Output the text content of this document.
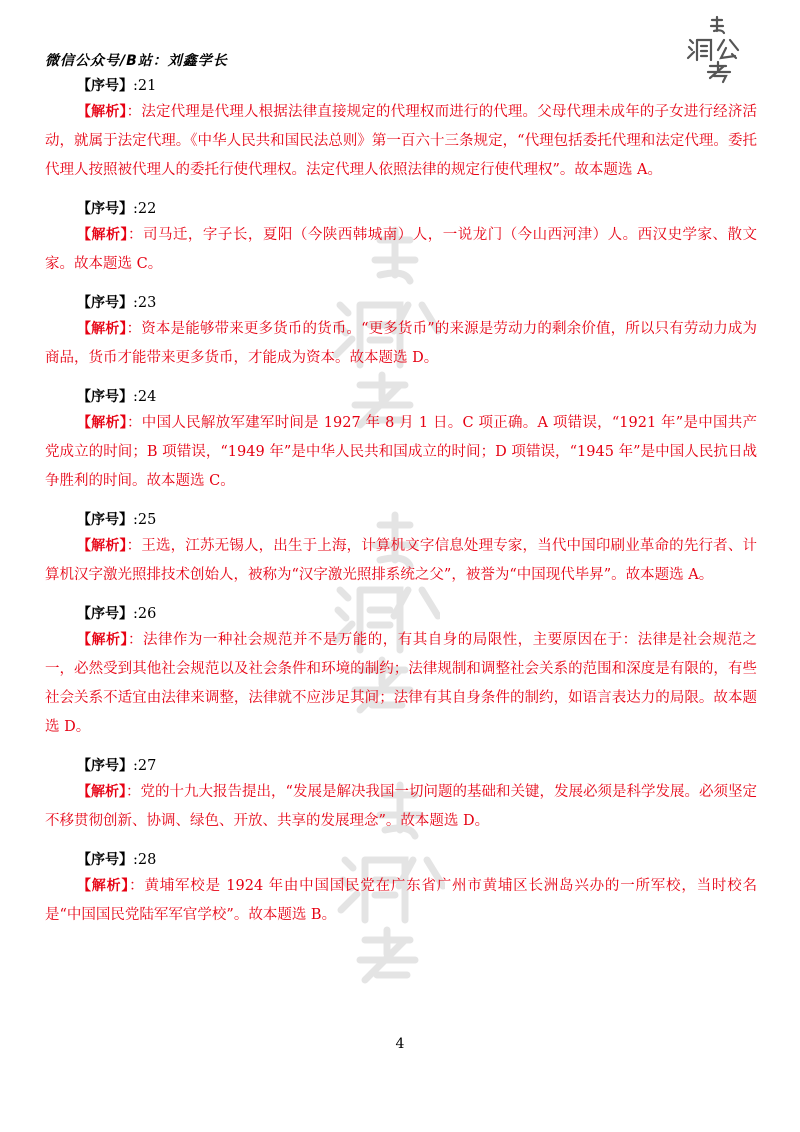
微信公众号/B站：刘鑫学长
【序号】:21

【解析】：法定代理是代理人根据法律直接规定的代理权而进行的代理。父母代理未成年的子女进行经济活动，就属于法定代理。《中华人民共和国民法总则》第一百六十三条规定，“代理包括委托代理和法定代理。委托代理人按照被代理人的委托行使代理权。法定代理人依照法律的规定行使代理权”。故本题选 A。

【序号】:22

【解析】：司马迁，字子长，夏阳（今陕西韩城南）人，一说龙门（今山西河津）人。西汉史学家、散文家。故本题选 C。

【序号】:23

【解析】：资本是能够带来更多货币的货币。“更多货币”的来源是劳动力的剩余价值，所以只有劳动力成为商品，货币才能带来更多货币，才能成为资本。故本题选 D。

【序号】:24

【解析】：中国人民解放军建军时间是 1927 年 8 月 1 日。C 项正确。A 项错误，“1921 年”是中国共产党成立的时间；B 项错误，“1949 年”是中华人民共和国成立的时间；D 项错误，“1945 年”是中国人民抗日战争胜利的时间。故本题选 C。

【序号】:25

【解析】：王选，江苏无锡人，出生于上海，计算机文字信息处理专家，当代中国印刷业革命的先行者、计算机汉字激光照排技术创始人，被称为“汉字激光照排系统之父”，被誉为“中国现代毕昇”。故本题选 A。

【序号】:26

【解析】：法律作为一种社会规范并不是万能的，有其自身的局限性，主要原因在于：法律是社会规范之一，必然受到其他社会规范以及社会条件和环境的制约；法律规制和调整社会关系的范围和深度是有限的，有些社会关系不适宜由法律来调整，法律就不应涉足其间；法律有其自身条件的制约，如语言表达力的局限。故本题选 D。

【序号】:27

【解析】：党的十九大报告提出，“发展是解决我国一切问题的基础和关键，发展必须是科学发展。必须坚定不移贯彻创新、协调、绿色、开放、共享的发展理念”。故本题选 D。

【序号】:28

【解析】：黄埔军校是 1924 年由中国国民党在广东省广州市黄埔区长洲岛兴办的一所军校，当时校名是“中国国民党陆军军官学校”。故本题选 B。

4
